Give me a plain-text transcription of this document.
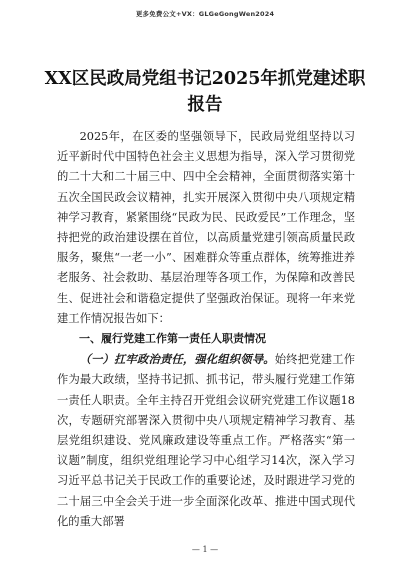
更多免费公文+VX：GLGeGongWen2024
XX区民政局党组书记2025年抓党建述职报告

2025年，在区委的坚强领导下，民政局党组坚持以习近平新时代中国特色社会主义思想为指导，深入学习贯彻党的二十大和二十届三中、四中全会精神，全面贯彻落实第十五次全国民政会议精神，扎实开展深入贯彻中央八项规定精神学习教育，紧紧围绕“民政为民、民政爱民”工作理念，坚持把党的政治建设摆在首位，以高质量党建引领高质量民政服务，聚焦“一老一小”、困难群众等重点群体，统筹推进养老服务、社会救助、基层治理等各项工作，为保障和改善民生、促进社会和谐稳定提供了坚强政治保证。现将一年来党建工作情况报告如下：

一、履行党建工作第一责任人职责情况

（一）扛牢政治责任，强化组织领导。始终把党建工作作为最大政绩，坚持书记抓、抓书记，带头履行党建工作第一责任人职责。全年主持召开党组会议研究党建工作议题18次，专题研究部署深入贯彻中央八项规定精神学习教育、基层党组织建设、党风廉政建设等重点工作。严格落实“第一议题”制度，组织党组理论学习中心组学习14次，深入学习习近平总书记关于民政工作的重要论述，及时跟进学习党的二十届三中全会关于进一步全面深化改革、推进中国式现代化的重大部署

— 1 —
